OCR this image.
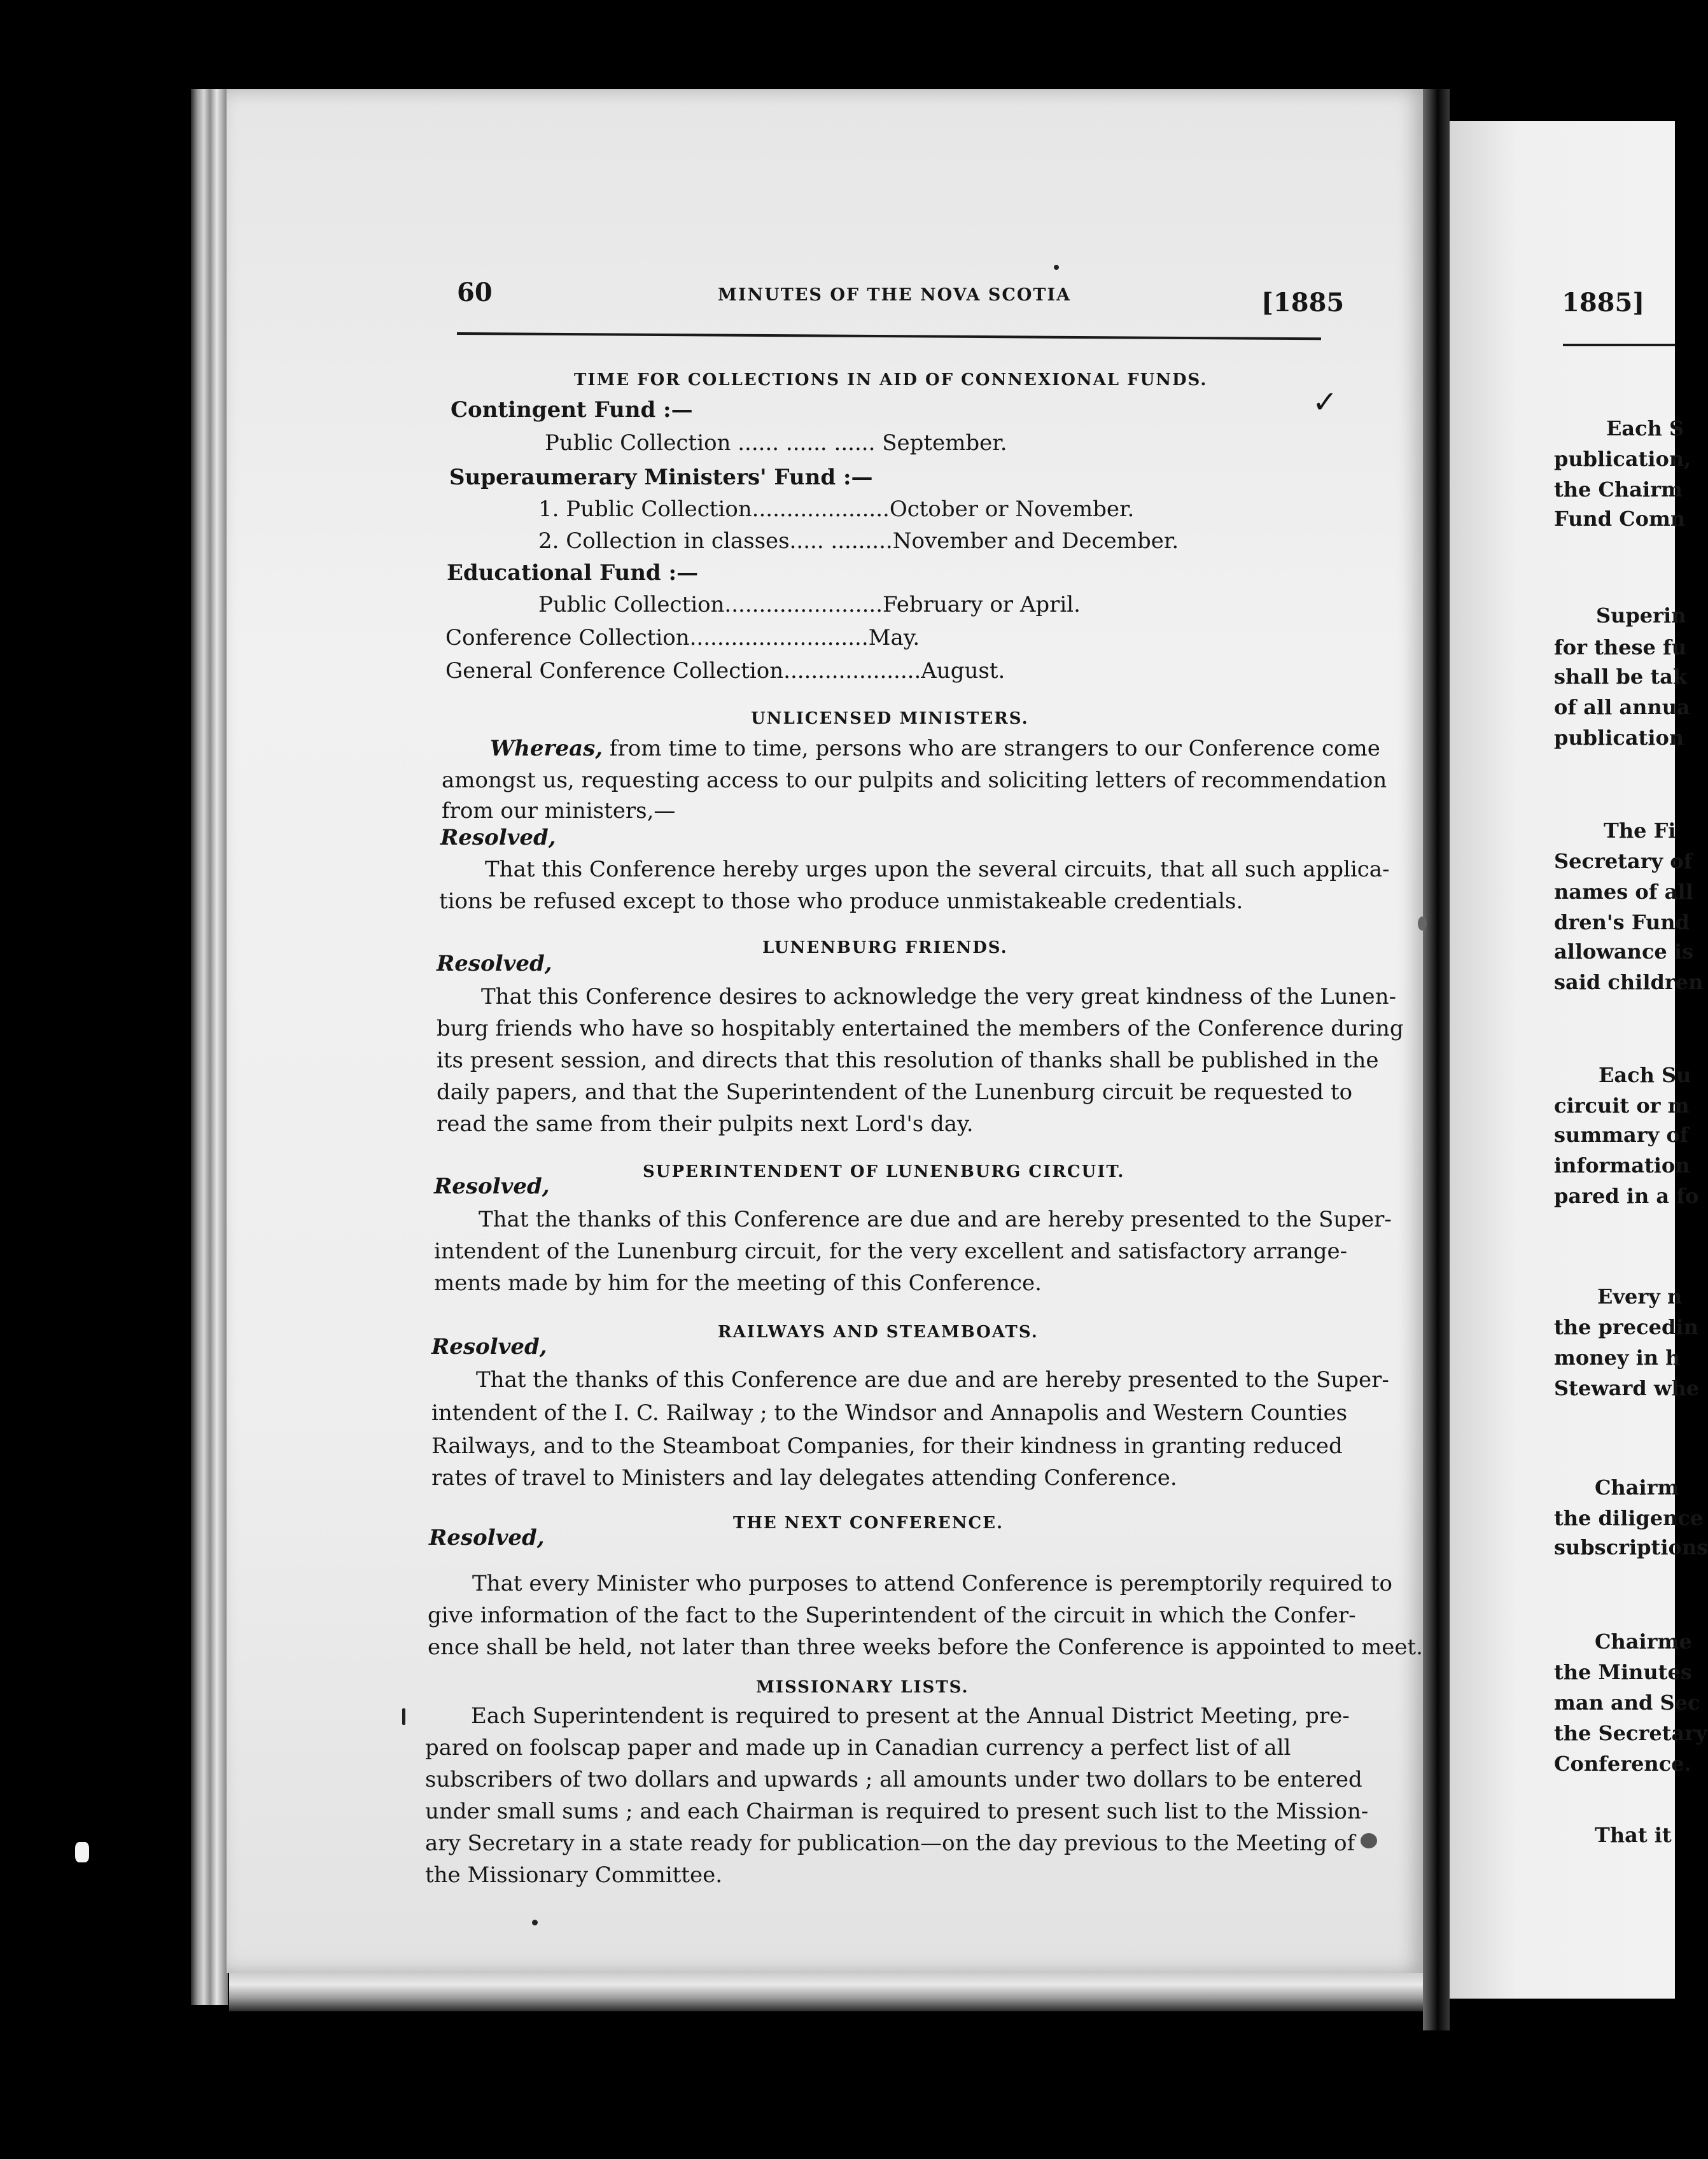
60	MINUTES OF THE NOVA SCOTIA	[1885
✓
TIME FOR COLLECTIONS IN AID OF CONNEXIONAL FUNDS.
Contingent Fund :—
Public Collection ...... ...... ...... September.
Superaumerary Ministers' Fund :—
1. Public Collection....................October or November.
2. Collection in classes..... .........November and December.
Educational Fund :—
Public Collection.......................February or April.
Conference Collection..........................May.
General Conference Collection....................August.
UNLICENSED MINISTERS.
Whereas, from time to time, persons who are strangers to our Conference come
amongst us, requesting access to our pulpits and soliciting letters of recommendation
from our ministers,—
Resolved,
That this Conference hereby urges upon the several circuits, that all such applica-
tions be refused except to those who produce unmistakeable credentials.
LUNENBURG FRIENDS.
Resolved,
That this Conference desires to acknowledge the very great kindness of the Lunen-
burg friends who have so hospitably entertained the members of the Conference during
its present session, and directs that this resolution of thanks shall be published in the
daily papers, and that the Superintendent of the Lunenburg circuit be requested to
read the same from their pulpits next Lord's day.
SUPERINTENDENT OF LUNENBURG CIRCUIT.
Resolved,
That the thanks of this Conference are due and are hereby presented to the Super-
intendent of the Lunenburg circuit, for the very excellent and satisfactory arrange-
ments made by him for the meeting of this Conference.
RAILWAYS AND STEAMBOATS.
Resolved,
That the thanks of this Conference are due and are hereby presented to the Super-
intendent of the I. C. Railway ; to the Windsor and Annapolis and Western Counties
Railways, and to the Steamboat Companies, for their kindness in granting reduced
rates of travel to Ministers and lay delegates attending Conference.
THE NEXT CONFERENCE.
Resolved,
That every Minister who purposes to attend Conference is peremptorily required to
give information of the fact to the Superintendent of the circuit in which the Confer-
ence shall be held, not later than three weeks before the Conference is appointed to meet.
MISSIONARY LISTS.
Each Superintendent is required to present at the Annual District Meeting, pre-
pared on foolscap paper and made up in Canadian currency a perfect list of all
subscribers of two dollars and upwards ; all amounts under two dollars to be entered
under small sums ; and each Chairman is required to present such list to the Mission-
ary Secretary in a state ready for publication—on the day previous to the Meeting of
the Missionary Committee.
1885]
Each S
publication,
the Chairm
Fund Comn
Superin
for these fu
shall be tak
of all annua
publication
The Fi
Secretary of
names of all
dren's Fund
allowance is
said children
Each Su
circuit or m
summary of
information
pared in a fo
Every n
the precedin
money in h
Steward whe
Chairm
the diligence
subscriptions
Chairme
the Minutes
man and Sec
the Secretary
Conference.
That it
